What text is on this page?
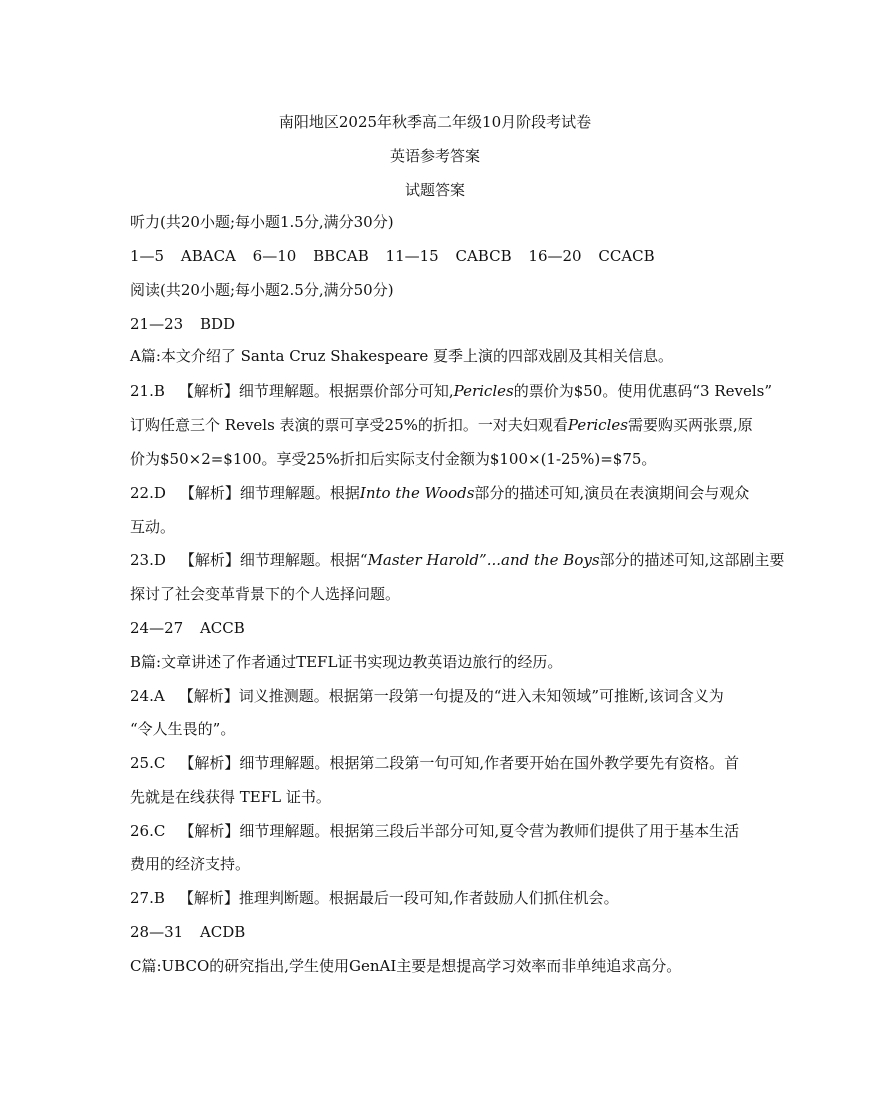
南阳地区2025年秋季高二年级10月阶段考试卷
英语参考答案
试题答案
听力(共20小题;每小题1.5分,满分30分)
1—5 ABACA 6—10 BBCAB 11—15 CABCB 16—20 CCACB
阅读(共20小题;每小题2.5分,满分50分)
21—23 BDD
A篇:本文介绍了 Santa Cruz Shakespeare 夏季上演的四部戏剧及其相关信息。
21.B 【解析】细节理解题。根据票价部分可知,Pericles的票价为$50。使用优惠码“3 Revels”
订购任意三个 Revels 表演的票可享受25%的折扣。一对夫妇观看Pericles需要购买两张票,原
价为$50×2=$100。享受25%折扣后实际支付金额为$100×(1-25%)=$75。
22.D 【解析】细节理解题。根据Into the Woods部分的描述可知,演员在表演期间会与观众
互动。
23.D 【解析】细节理解题。根据“Master Harold”...and the Boys部分的描述可知,这部剧主要
探讨了社会变革背景下的个人选择问题。
24—27 ACCB
B篇:文章讲述了作者通过TEFL证书实现边教英语边旅行的经历。
24.A 【解析】词义推测题。根据第一段第一句提及的“进入未知领域”可推断,该词含义为
“令人生畏的”。
25.C 【解析】细节理解题。根据第二段第一句可知,作者要开始在国外教学要先有资格。首
先就是在线获得 TEFL 证书。
26.C 【解析】细节理解题。根据第三段后半部分可知,夏令营为教师们提供了用于基本生活
费用的经济支持。
27.B 【解析】推理判断题。根据最后一段可知,作者鼓励人们抓住机会。
28—31 ACDB
C篇:UBCO的研究指出,学生使用GenAI主要是想提高学习效率而非单纯追求高分。
